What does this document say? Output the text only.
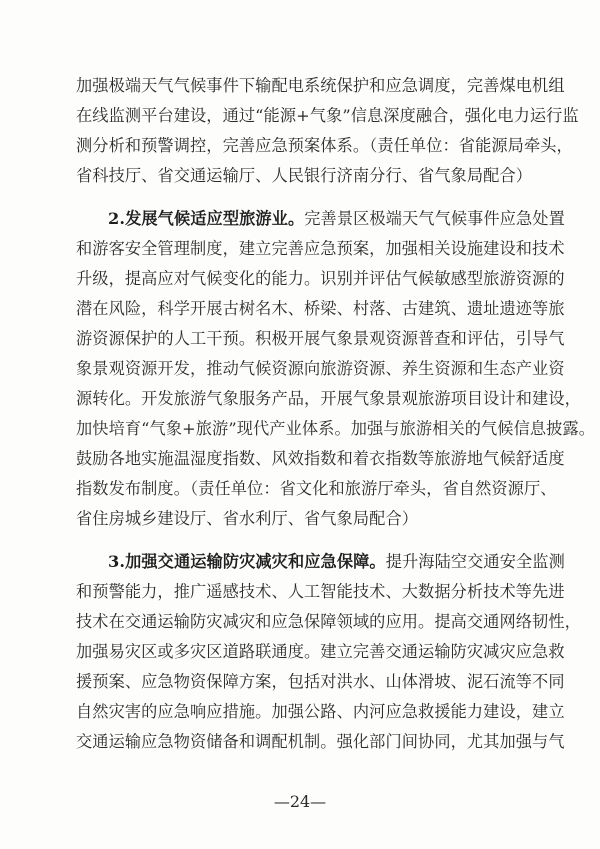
加强极端天气气候事件下输配电系统保护和应急调度，完善煤电机组
在线监测平台建设，通过“能源+气象”信息深度融合，强化电力运行监
测分析和预警调控，完善应急预案体系。（责任单位：省能源局牵头，
省科技厅、省交通运输厅、人民银行济南分行、省气象局配合）
2.发展气候适应型旅游业。完善景区极端天气气候事件应急处置
和游客安全管理制度，建立完善应急预案，加强相关设施建设和技术
升级，提高应对气候变化的能力。识别并评估气候敏感型旅游资源的
潜在风险，科学开展古树名木、桥梁、村落、古建筑、遗址遗迹等旅
游资源保护的人工干预。积极开展气象景观资源普查和评估，引导气
象景观资源开发，推动气候资源向旅游资源、养生资源和生态产业资
源转化。开发旅游气象服务产品，开展气象景观旅游项目设计和建设，
加快培育“气象+旅游”现代产业体系。加强与旅游相关的气候信息披露。
鼓励各地实施温湿度指数、风效指数和着衣指数等旅游地气候舒适度
指数发布制度。（责任单位：省文化和旅游厅牵头，省自然资源厅、
省住房城乡建设厅、省水利厅、省气象局配合）
3.加强交通运输防灾减灾和应急保障。提升海陆空交通安全监测
和预警能力，推广遥感技术、人工智能技术、大数据分析技术等先进
技术在交通运输防灾减灾和应急保障领域的应用。提高交通网络韧性，
加强易灾区或多灾区道路联通度。建立完善交通运输防灾减灾应急救
援预案、应急物资保障方案，包括对洪水、山体滑坡、泥石流等不同
自然灾害的应急响应措施。加强公路、内河应急救援能力建设，建立
交通运输应急物资储备和调配机制。强化部门间协同，尤其加强与气
—24—
